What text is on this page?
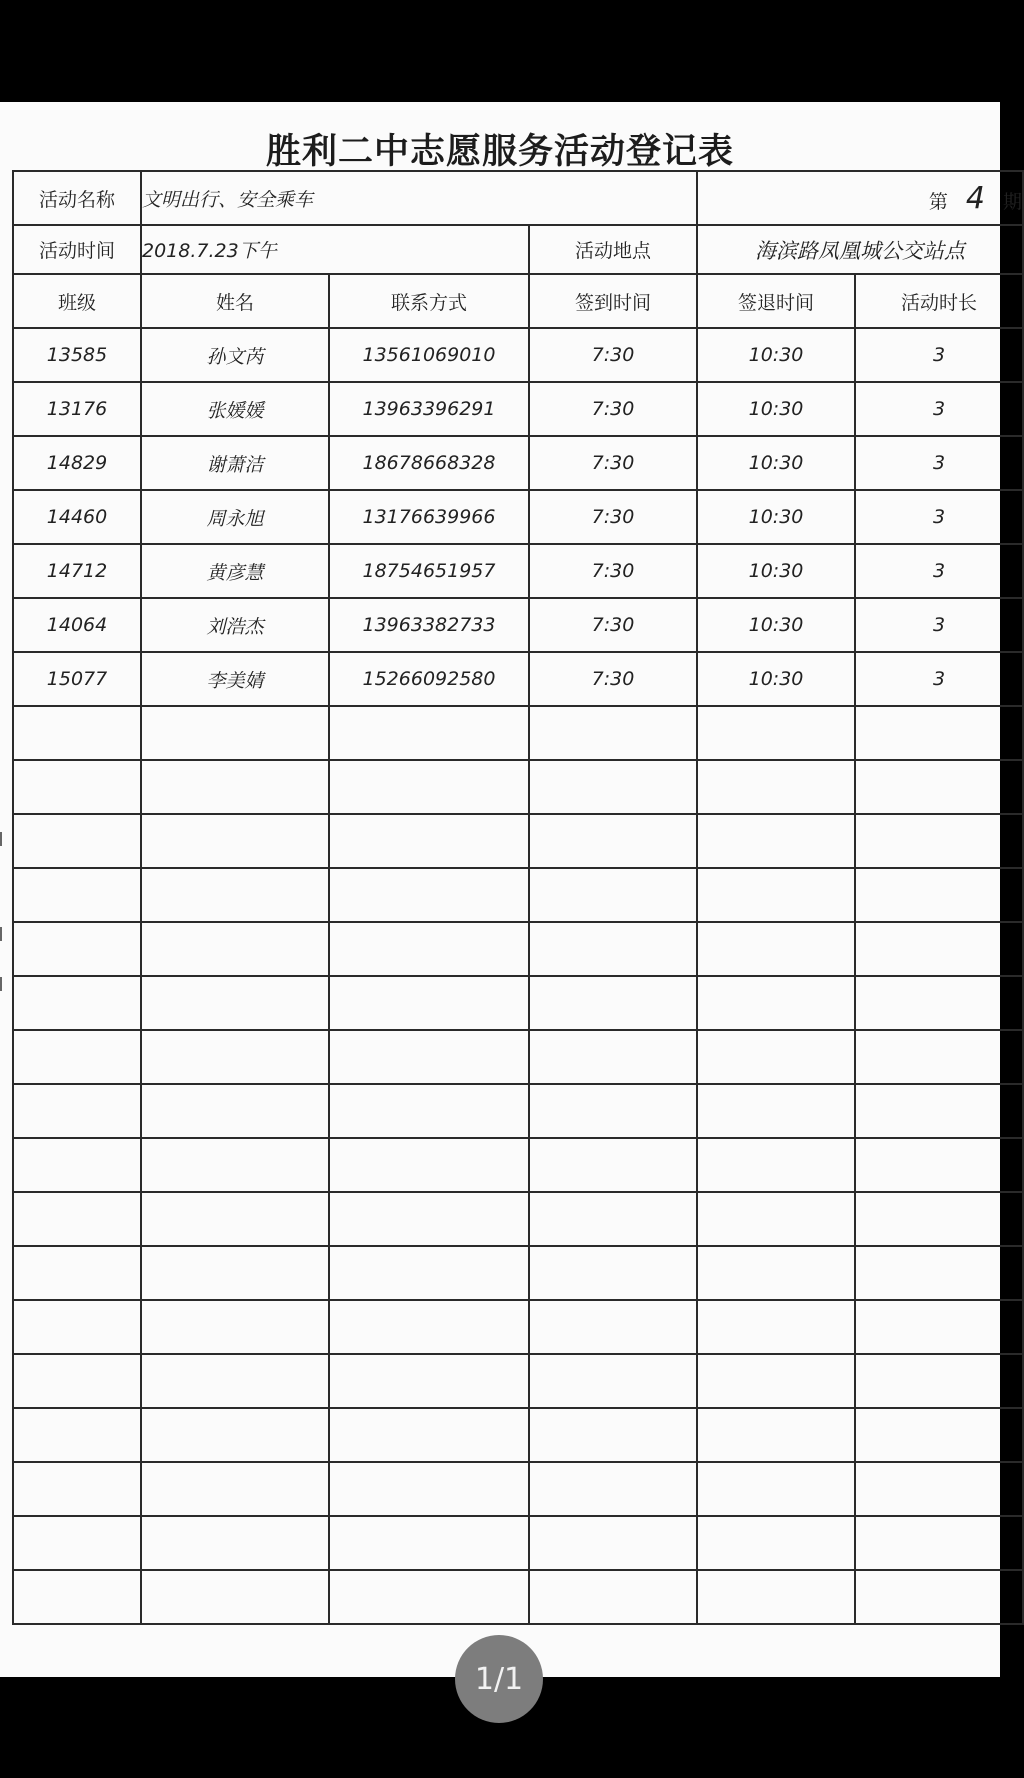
胜利二中志愿服务活动登记表
活动名称	文明出行、安全乘车			第 4 期	
活动时间	2018.7.23下午		活动地点	海滨路凤凰城公交站点	
班级	姓名	联系方式	签到时间	签退时间	活动时长
13585	孙文芮	13561069010	7:30	10:30	3
13176	张媛媛	13963396291	7:30	10:30	3
14829	谢萧洁	18678668328	7:30	10:30	3
14460	周永旭	13176639966	7:30	10:30	3
14712	黄彦慧	18754651957	7:30	10:30	3
14064	刘浩杰	13963382733	7:30	10:30	3
15077	李美婧	15266092580	7:30	10:30	3

1/1
